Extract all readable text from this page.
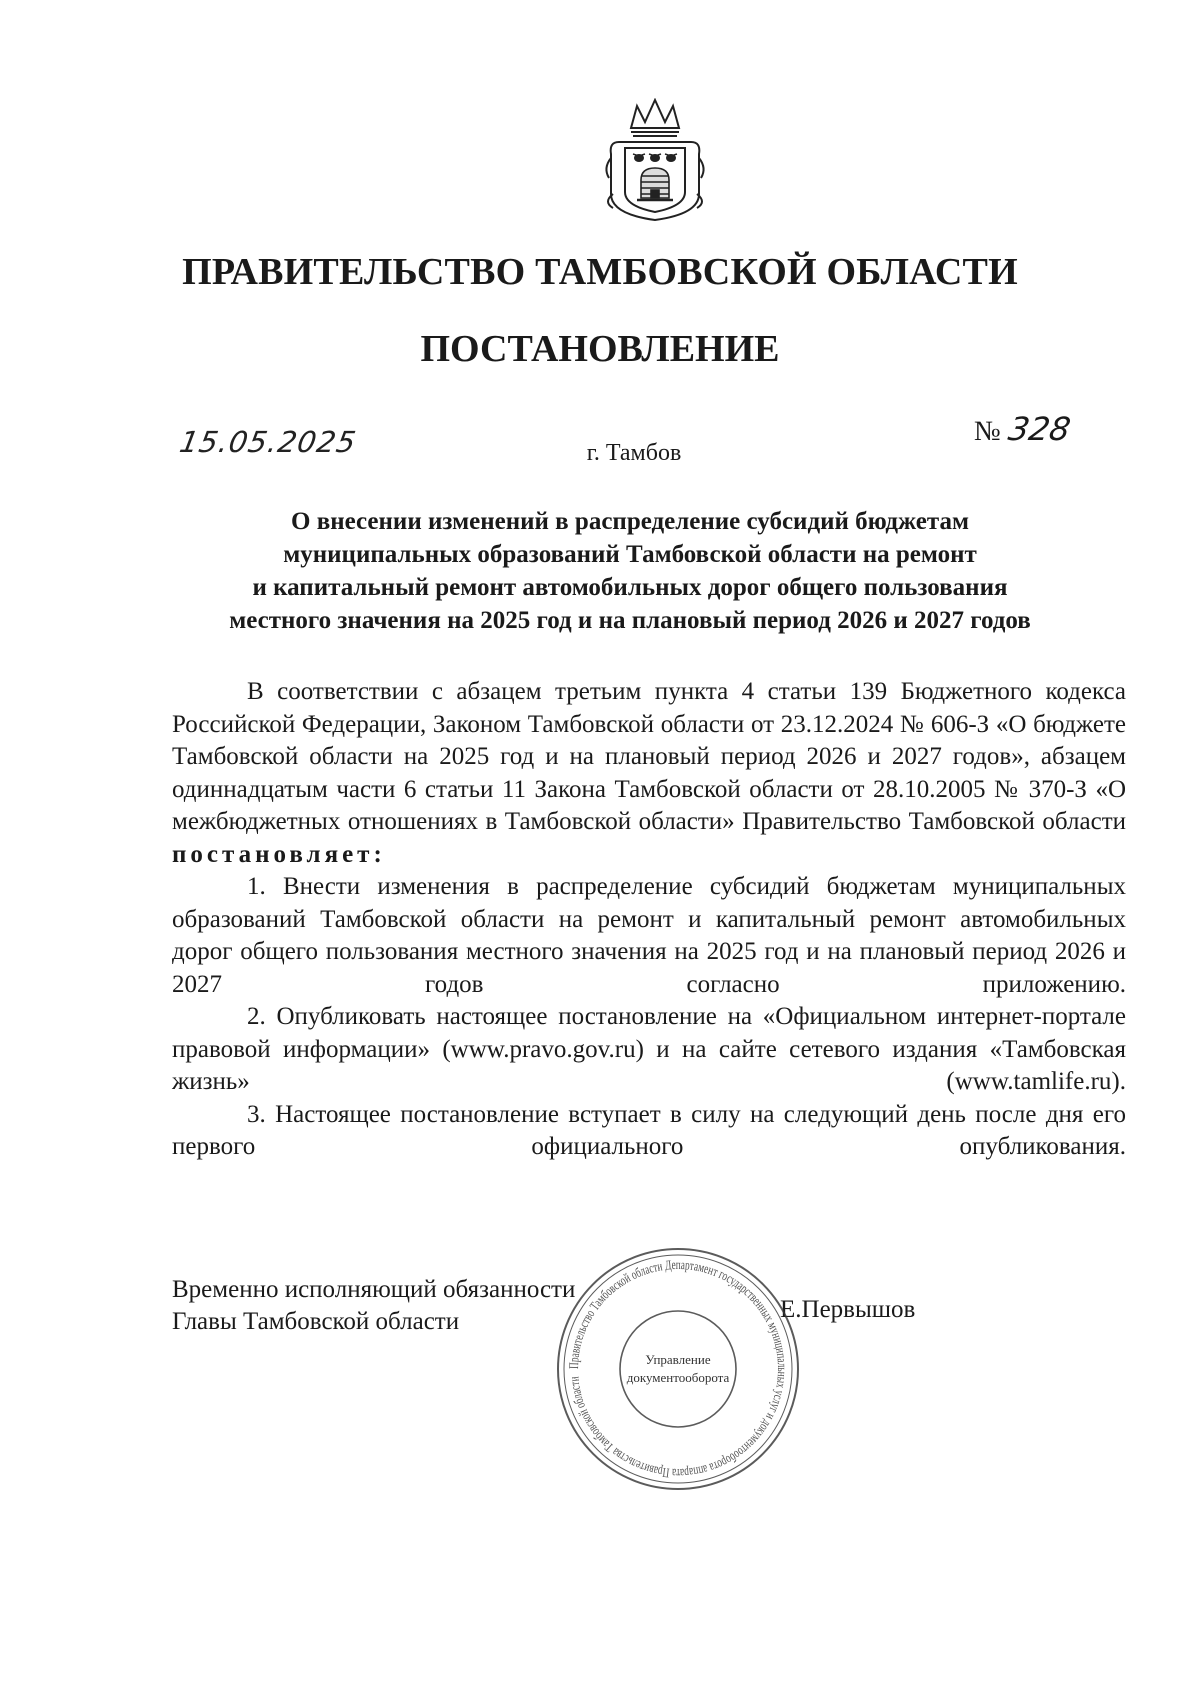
ПРАВИТЕЛЬСТВО ТАМБОВСКОЙ ОБЛАСТИ
ПОСТАНОВЛЕНИЕ
15.05.2025	№ 328
г. Тамбов
О внесении изменений в распределение субсидий бюджетам
муниципальных образований Тамбовской области на ремонт
и капитальный ремонт автомобильных дорог общего пользования
местного значения на 2025 год и на плановый период 2026 и 2027 годов

В соответствии с абзацем третьим пункта 4 статьи 139 Бюджетного кодекса Российской Федерации, Законом Тамбовской области от 23.12.2024 № 606-З «О бюджете Тамбовской области на 2025 год и на плановый период 2026 и 2027 годов», абзацем одиннадцатым части 6 статьи 11 Закона Тамбовской области от 28.10.2005 № 370-З «О межбюджетных отношениях в Тамбовской области» Правительство Тамбовской области

постановляет:

1. Внести изменения в распределение субсидий бюджетам муниципальных образований Тамбовской области на ремонт и капитальный ремонт автомобильных дорог общего пользования местного значения на 2025 год и на плановый период 2026 и 2027 годов согласно приложению.

2. Опубликовать настоящее постановление на «Официальном интернет-портале правовой информации» (www.pravo.gov.ru) и на сайте сетевого издания «Тамбовская жизнь» (www.tamlife.ru).

3. Настоящее постановление вступает в силу на следующий день после дня его первого официального опубликования.

Временно исполняющий обязанности
Главы Тамбовской области	Е.Первышов
Правительство Тамбовской области Департамент государственных муниципальных услуг и документооборота аппарата Правительства Тамбовской области
Управление
документооборота
